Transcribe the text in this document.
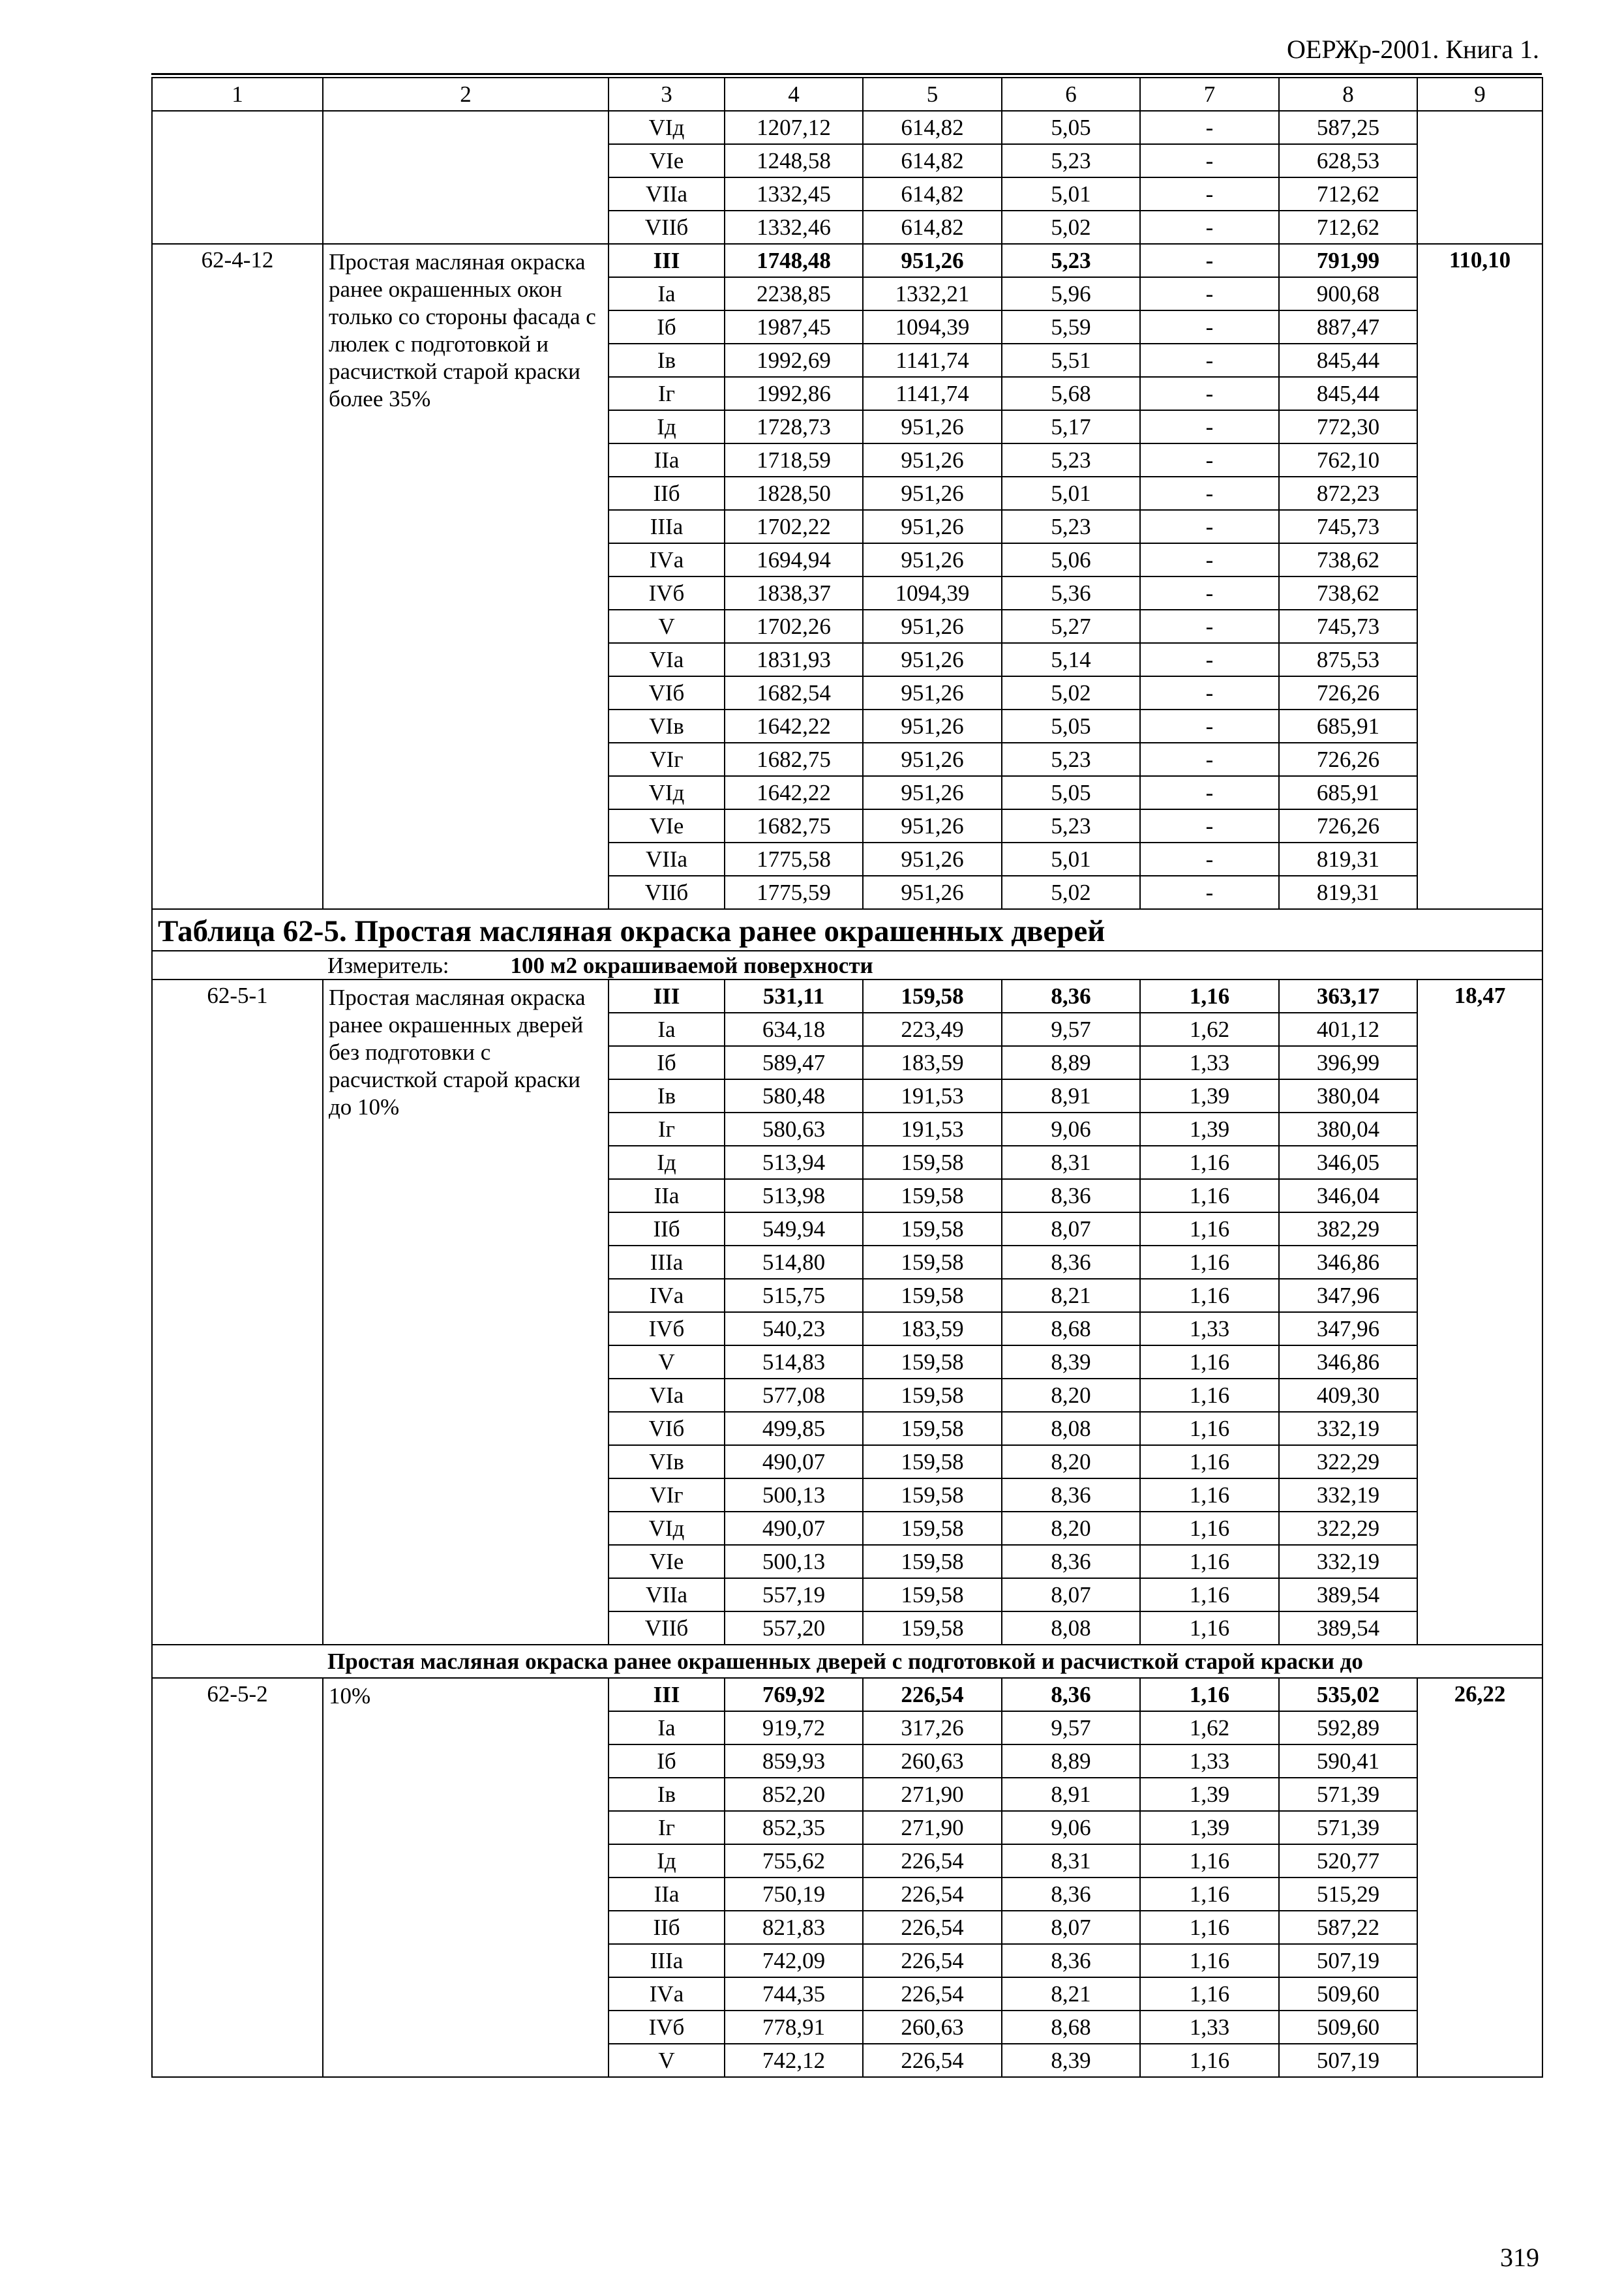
ОЕРЖр-2001. Книга 1.
1	2	3	4	5	6	7	8	9
		VIд	1207,12	614,82	5,05	-	587,25	
		VIе	1248,58	614,82	5,23	-	628,53	
		VIIа	1332,45	614,82	5,01	-	712,62	
		VIIб	1332,46	614,82	5,02	-	712,62	
62-4-12	Простая масляная окраска ранее окрашенных окон только со стороны фасада с люлек с подготовкой и расчисткой старой краски более 35%	III	1748,48	951,26	5,23	-	791,99	110,10
		Iа	2238,85	1332,21	5,96	-	900,68	
		Iб	1987,45	1094,39	5,59	-	887,47	
		Iв	1992,69	1141,74	5,51	-	845,44	
		Iг	1992,86	1141,74	5,68	-	845,44	
		Iд	1728,73	951,26	5,17	-	772,30	
		IIа	1718,59	951,26	5,23	-	762,10	
		IIб	1828,50	951,26	5,01	-	872,23	
		IIIа	1702,22	951,26	5,23	-	745,73	
		IVа	1694,94	951,26	5,06	-	738,62	
		IVб	1838,37	1094,39	5,36	-	738,62	
		V	1702,26	951,26	5,27	-	745,73	
		VIа	1831,93	951,26	5,14	-	875,53	
		VIб	1682,54	951,26	5,02	-	726,26	
		VIв	1642,22	951,26	5,05	-	685,91	
		VIг	1682,75	951,26	5,23	-	726,26	
		VIд	1642,22	951,26	5,05	-	685,91	
		VIе	1682,75	951,26	5,23	-	726,26	
		VIIа	1775,58	951,26	5,01	-	819,31	
		VIIб	1775,59	951,26	5,02	-	819,31	
Таблица 62-5. Простая масляная окраска ранее окрашенных дверей								
Измеритель: 100 м2 окрашиваемой поверхности								
62-5-1	Простая масляная окраска ранее окрашенных дверей без подготовки с расчисткой старой краски до 10%	III	531,11	159,58	8,36	1,16	363,17	18,47
		Iа	634,18	223,49	9,57	1,62	401,12	
		Iб	589,47	183,59	8,89	1,33	396,99	
		Iв	580,48	191,53	8,91	1,39	380,04	
		Iг	580,63	191,53	9,06	1,39	380,04	
		Iд	513,94	159,58	8,31	1,16	346,05	
		IIа	513,98	159,58	8,36	1,16	346,04	
		IIб	549,94	159,58	8,07	1,16	382,29	
		IIIа	514,80	159,58	8,36	1,16	346,86	
		IVа	515,75	159,58	8,21	1,16	347,96	
		IVб	540,23	183,59	8,68	1,33	347,96	
		V	514,83	159,58	8,39	1,16	346,86	
		VIа	577,08	159,58	8,20	1,16	409,30	
		VIб	499,85	159,58	8,08	1,16	332,19	
		VIв	490,07	159,58	8,20	1,16	322,29	
		VIг	500,13	159,58	8,36	1,16	332,19	
		VIд	490,07	159,58	8,20	1,16	322,29	
		VIе	500,13	159,58	8,36	1,16	332,19	
		VIIа	557,19	159,58	8,07	1,16	389,54	
		VIIб	557,20	159,58	8,08	1,16	389,54	
Простая масляная окраска ранее окрашенных дверей с подготовкой и расчисткой старой краски до								
62-5-2	10%	III	769,92	226,54	8,36	1,16	535,02	26,22
		Iа	919,72	317,26	9,57	1,62	592,89	
		Iб	859,93	260,63	8,89	1,33	590,41	
		Iв	852,20	271,90	8,91	1,39	571,39	
		Iг	852,35	271,90	9,06	1,39	571,39	
		Iд	755,62	226,54	8,31	1,16	520,77	
		IIа	750,19	226,54	8,36	1,16	515,29	
		IIб	821,83	226,54	8,07	1,16	587,22	
		IIIа	742,09	226,54	8,36	1,16	507,19	
		IVа	744,35	226,54	8,21	1,16	509,60	
		IVб	778,91	260,63	8,68	1,33	509,60	
		V	742,12	226,54	8,39	1,16	507,19	
319
